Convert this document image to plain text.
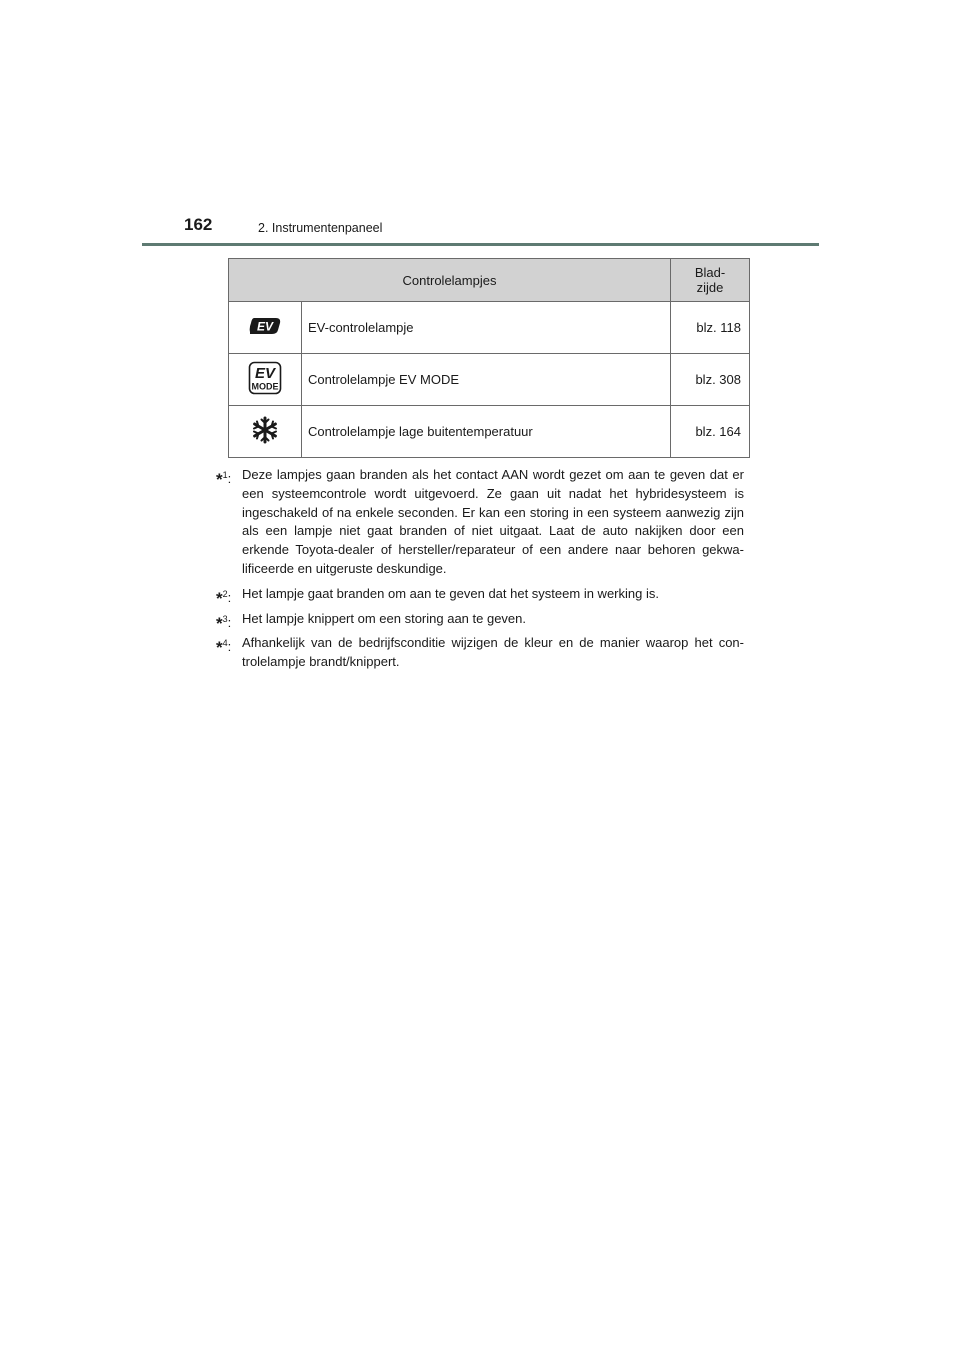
162	2. Instrumentenpaneel
Controlelampjes		Blad-
zijde

EV	EV-controlelampje	blz. 118

EV
MODE	Controlelampje EV MODE	blz. 308
	Controlelampje lage buitentemperatuur	blz. 164
*$^1$: Deze lampjes gaan branden als het contact AAN wordt gezet om aan te geven dat er een systeemcontrole wordt uitgevoerd. Ze gaan uit nadat het hybridesysteem is ingeschakeld of na enkele seconden. Er kan een storing in een systeem aanwezig zijn als een lampje niet gaat branden of niet uitgaat. Laat de auto nakijken door een erkende Toyota-dealer of hersteller/reparateur of een andere naar behoren gekwa-lificeerde en uitgeruste deskundige.
*$^2$: Het lampje gaat branden om aan te geven dat het systeem in werking is.
*$^3$: Het lampje knippert om een storing aan te geven.
*$^4$: Afhankelijk van de bedrijfsconditie wijzigen de kleur en de manier waarop het con-trolelampje brandt/knippert.
